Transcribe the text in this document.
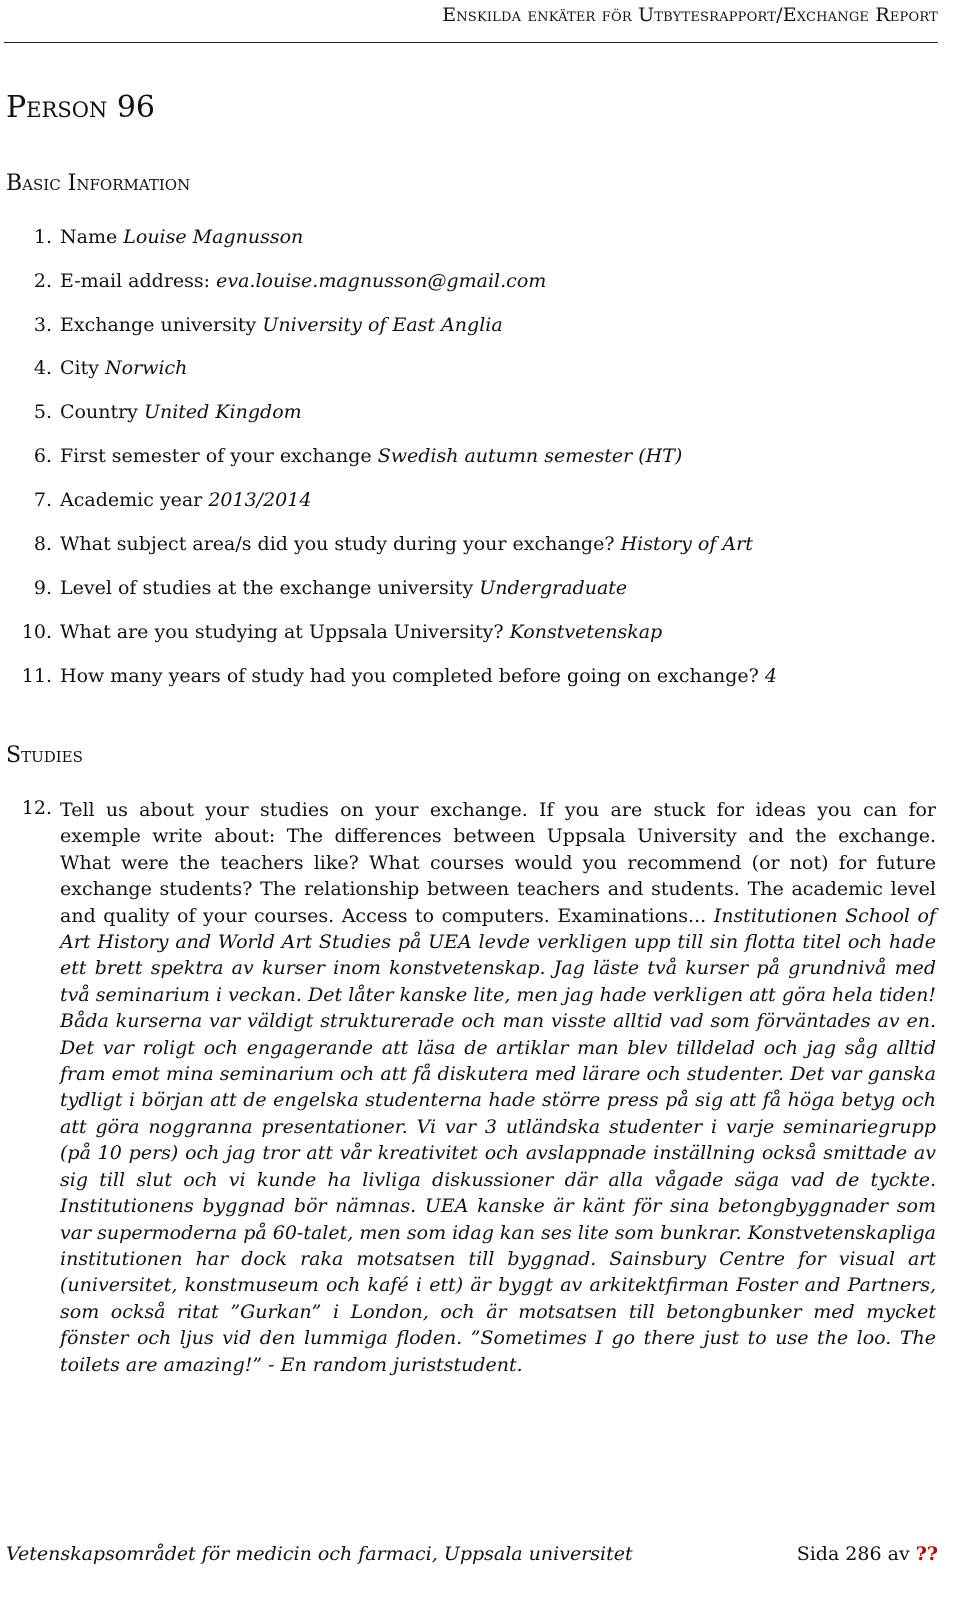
Enskilda enkäter för Utbytesrapport/Exchange Report
Person 96
Basic Information
1. Name Louise Magnusson
2. E-mail address: eva.louise.magnusson@gmail.com
3. Exchange university University of East Anglia
4. City Norwich
5. Country United Kingdom
6. First semester of your exchange Swedish autumn semester (HT)
7. Academic year 2013/2014
8. What subject area/s did you study during your exchange? History of Art
9. Level of studies at the exchange university Undergraduate
10. What are you studying at Uppsala University? Konstvetenskap
11. How many years of study had you completed before going on exchange? 4
Studies
12. Tell us about your studies on your exchange. If you are stuck for ideas you can for exemple write about: The differences between Uppsala University and the exchange. What were the teachers like? What courses would you recommend (or not) for future exchange students? The relationship between teachers and students. The academic level and quality of your courses. Access to computers. Examinations... Institutionen School of Art History and World Art Studies på UEA levde verkligen upp till sin flotta titel och hade ett brett spektra av kurser inom konstvetenskap. Jag läste två kurser på grundnivå med två seminarium i veckan. Det låter kanske lite, men jag hade verkligen att göra hela tiden! Båda kurserna var väldigt strukturerade och man visste alltid vad som förväntades av en. Det var roligt och engagerande att läsa de artiklar man blev tilldelad och jag såg alltid fram emot mina seminarium och att få diskutera med lärare och studenter. Det var ganska tydligt i början att de engelska studenterna hade större press på sig att få höga betyg och att göra noggranna presentationer. Vi var 3 utländska studenter i varje seminariegrupp (på 10 pers) och jag tror att vår kreativitet och avslappnade inställning också smittade av sig till slut och vi kunde ha livliga diskussioner där alla vågade säga vad de tyckte. Institutionens byggnad bör nämnas. UEA kanske är känt för sina betongbyggnader som var supermoderna på 60-talet, men som idag kan ses lite som bunkrar. Konstvetenskapliga institutionen har dock raka motsatsen till byggnad. Sainsbury Centre for visual art (universitet, konstmuseum och kafé i ett) är byggt av arkitektfirman Foster and Partners, som också ritat ”Gurkan” i London, och är motsatsen till betongbunker med mycket fönster och ljus vid den lummiga floden. ”Sometimes I go there just to use the loo. The toilets are amazing!” - En random juriststudent.

Vetenskapsområdet för medicin och farmaci, Uppsala universitet	Sida 286 av ??
